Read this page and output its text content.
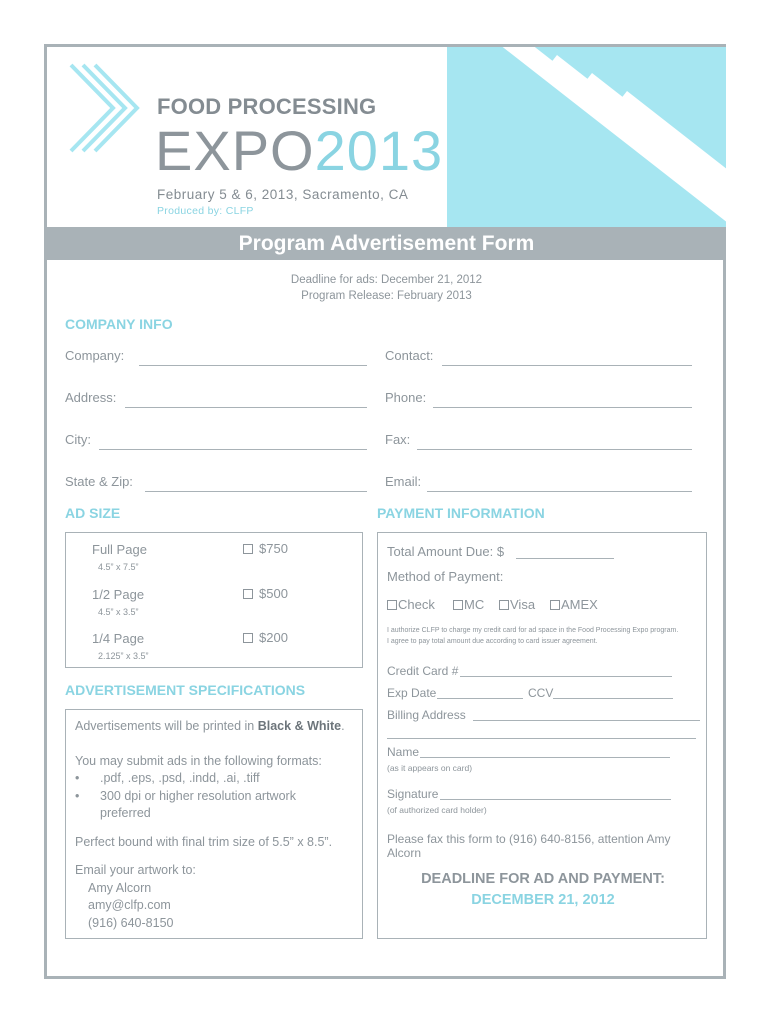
FOOD PROCESSING
EXPO2013
February 5 & 6, 2013, Sacramento, CA
Produced by: CLFP
Program Advertisement Form
Deadline for ads: December 21, 2012
Program Release: February 2013
COMPANY INFO
Company:	Contact:
Address:	Phone:
City:	Fax:
State & Zip:	Email:
AD SIZE
Full Page
4.5” x 7.5”
$750
1/2 Page
4.5” x 3.5”
$500
1/4 Page
2.125” x 3.5”
$200
ADVERTISEMENT SPECIFICATIONS
Advertisements will be printed in Black & White.
You may submit ads in the following formats:
• .pdf, .eps, .psd, .indd, .ai, .tiff
• 300 dpi or higher resolution artwork
preferred
Perfect bound with final trim size of 5.5” x 8.5”.
Email your artwork to:
Amy Alcorn
amy@clfp.com
(916) 640-8150
PAYMENT INFORMATION
Total Amount Due: $
Method of Payment:
Check	MC	Visa	AMEX
I authorize CLFP to charge my credit card for ad space in the Food Processing Expo program.
I agree to pay total amount due according to card issuer agreement.
Credit Card #
Exp Date	CCV
Billing Address
Name
(as it appears on card)
Signature
(of authorized card holder)
Please fax this form to (916) 640-8156, attention Amy Alcorn
DEADLINE FOR AD AND PAYMENT:
DECEMBER 21, 2012
